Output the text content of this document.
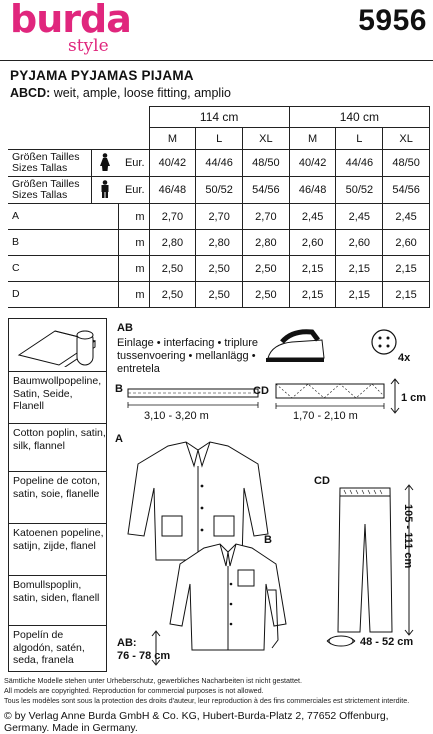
burda
style
5956
PYJAMA PYJAMAS PIJAMA
ABCD: weit, ample, loose fitting, amplio
			114 cm			140 cm		
			M	L	XL	M	L	XL
Größen Tailles
Sizes Tallas		Eur.	40/42	44/46	48/50	40/42	44/46	48/50
Größen Tailles
Sizes Tallas		Eur.	46/48	50/52	54/56	46/48	50/52	54/56
A		m	2,70	2,70	2,70	2,45	2,45	2,45
B		m	2,80	2,80	2,80	2,60	2,60	2,60
C		m	2,50	2,50	2,50	2,15	2,15	2,15
D		m	2,50	2,50	2,50	2,15	2,15	2,15
Baumwollpopeline, Satin, Seide, Flanell
Cotton poplin, satin, silk, flannel
Popeline de coton, satin, soie, flanelle
Katoenen popeline, satijn, zijde, flanel
Bomullspoplin, satin, siden, flanell
Popelín de algodón, satén, seda, franela
AB
Einlage • interfacing • triplure
tussenvoering • mellanlägg •
entretela
4x
B
3,10 - 3,20 m
CD
1,70 - 2,10 m
1 cm
A
B
CD
105 - 111 cm
AB:
76 - 78 cm
48 - 52 cm
Sämtliche Modelle stehen unter Urheberschutz, gewerbliches Nacharbeiten ist nicht gestattet.
All models are copyrighted. Reproduction for commercial purposes is not allowed.
Tous les modèles sont sous la protection des droits d'auteur, leur reproduction à des fins commerciales est strictement interdite.
© by Verlag Anne Burda GmbH & Co. KG, Hubert-Burda-Platz 2, 77652 Offenburg, Germany. Made in Germany.
